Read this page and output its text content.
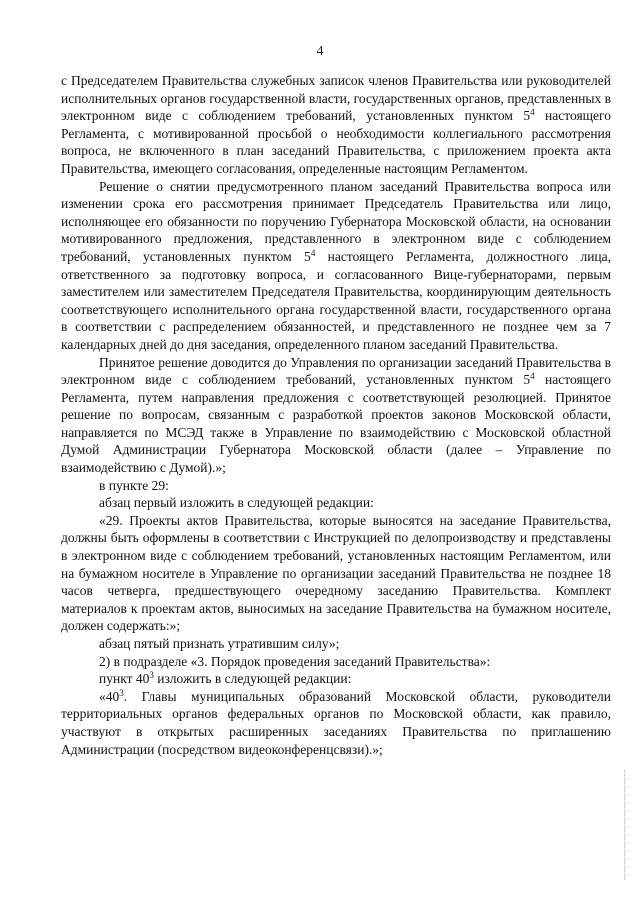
4

с Председателем Правительства служебных записок членов Правительства или руководителей исполнительных органов государственной власти, государственных органов, представленных в электронном виде с соблюдением требований, установленных пунктом $5^4$ настоящего Регламента, с мотивированной просьбой о необходимости коллегиального рассмотрения вопроса, не включенного в план заседаний Правительства, с приложением проекта акта Правительства, имеющего согласования, определенные настоящим Регламентом.

Решение о снятии предусмотренного планом заседаний Правительства вопроса или изменении срока его рассмотрения принимает Председатель Правительства или лицо, исполняющее его обязанности по поручению Губернатора Московской области, на основании мотивированного предложения, представленного в электронном виде с соблюдением требований, установленных пунктом $5^4$ настоящего Регламента, должностного лица, ответственного за подготовку вопроса, и согласованного Вице-губернаторами, первым заместителем или заместителем Председателя Правительства, координирующим деятельность соответствующего исполнительного органа государственной власти, государственного органа в соответствии с распределением обязанностей, и представленного не позднее чем за 7 календарных дней до дня заседания, определенного планом заседаний Правительства.

Принятое решение доводится до Управления по организации заседаний Правительства в электронном виде с соблюдением требований, установленных пунктом $5^4$ настоящего Регламента, путем направления предложения с соответствующей резолюцией. Принятое решение по вопросам, связанным с разработкой проектов законов Московской области, направляется по МСЭД также в Управление по взаимодействию с Московской областной Думой Администрации Губернатора Московской области (далее – Управление по взаимодействию с Думой).»;

в пункте 29:

абзац первый изложить в следующей редакции:

«29. Проекты актов Правительства, которые выносятся на заседание Правительства, должны быть оформлены в соответствии с Инструкцией по делопроизводству и представлены в электронном виде с соблюдением требований, установленных настоящим Регламентом, или на бумажном носителе в Управление по организации заседаний Правительства не позднее 18 часов четверга, предшествующего очередному заседанию Правительства. Комплект материалов к проектам актов, выносимых на заседание Правительства на бумажном носителе, должен содержать:»;

абзац пятый признать утратившим силу»;

2) в подразделе «3. Порядок проведения заседаний Правительства»:

пункт $40^3$ изложить в следующей редакции:

«$40^3$. Главы муниципальных образований Московской области, руководители территориальных органов федеральных органов по Московской области, как правило, участвуют в открытых расширенных заседаниях Правительства по приглашению Администрации (посредством видеоконференцсвязи).»;
